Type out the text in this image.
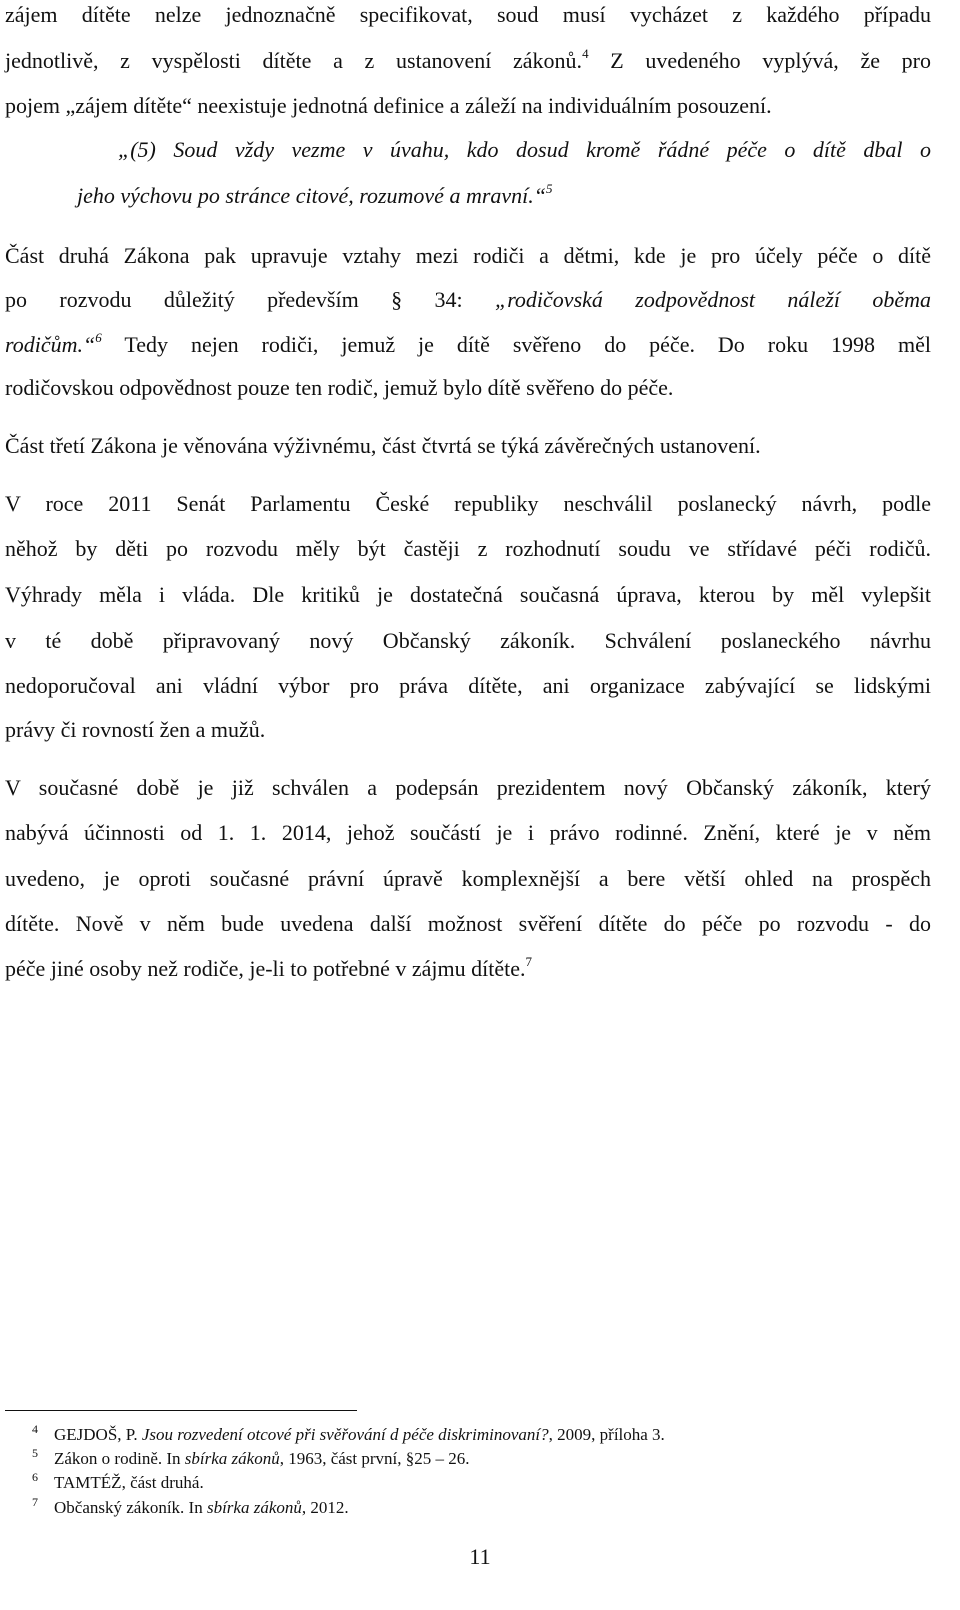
zájem dítěte nelze jednoznačně specifikovat, soud musí vycházet z každého případu
jednotlivě, z vyspělosti dítěte a z ustanovení zákonů.$^4$ Z uvedeného vyplývá, že pro
pojem „zájem dítěte“ neexistuje jednotná definice a záleží na individuálním posouzení.
„(5) Soud vždy vezme v úvahu, kdo dosud kromě řádné péče o dítě dbal o
jeho výchovu po stránce citové, rozumové a mravní.“$^5$
Část druhá Zákona pak upravuje vztahy mezi rodiči a dětmi, kde je pro účely péče o dítě
po rozvodu důležitý především § 34: „rodičovská zodpovědnost náleží oběma
rodičům.“$^6$ Tedy nejen rodiči, jemuž je dítě svěřeno do péče. Do roku 1998 měl
rodičovskou odpovědnost pouze ten rodič, jemuž bylo dítě svěřeno do péče.
Část třetí Zákona je věnována výživnému, část čtvrtá se týká závěrečných ustanovení.
V roce 2011 Senát Parlamentu České republiky neschválil poslanecký návrh, podle
něhož by děti po rozvodu měly být častěji z rozhodnutí soudu ve střídavé péči rodičů.
Výhrady měla i vláda. Dle kritiků je dostatečná současná úprava, kterou by měl vylepšit
v té době připravovaný nový Občanský zákoník. Schválení poslaneckého návrhu
nedoporučoval ani vládní výbor pro práva dítěte, ani organizace zabývající se lidskými
právy či rovností žen a mužů.
V současné době je již schválen a podepsán prezidentem nový Občanský zákoník, který
nabývá účinnosti od 1. 1. 2014, jehož součástí je i právo rodinné. Znění, které je v něm
uvedeno, je oproti současné právní úpravě komplexnější a bere větší ohled na prospěch
dítěte. Nově v něm bude uvedena další možnost svěření dítěte do péče po rozvodu - do
péče jiné osoby než rodiče, je-li to potřebné v zájmu dítěte.$^7$
4 GEJDOŠ, P. Jsou rozvedení otcové při svěřování d péče diskriminovaní?, 2009, příloha 3.
5 Zákon o rodině. In sbírka zákonů, 1963, část první, §25 – 26.
6 TAMTÉŽ, část druhá.
7 Občanský zákoník. In sbírka zákonů, 2012.
11
